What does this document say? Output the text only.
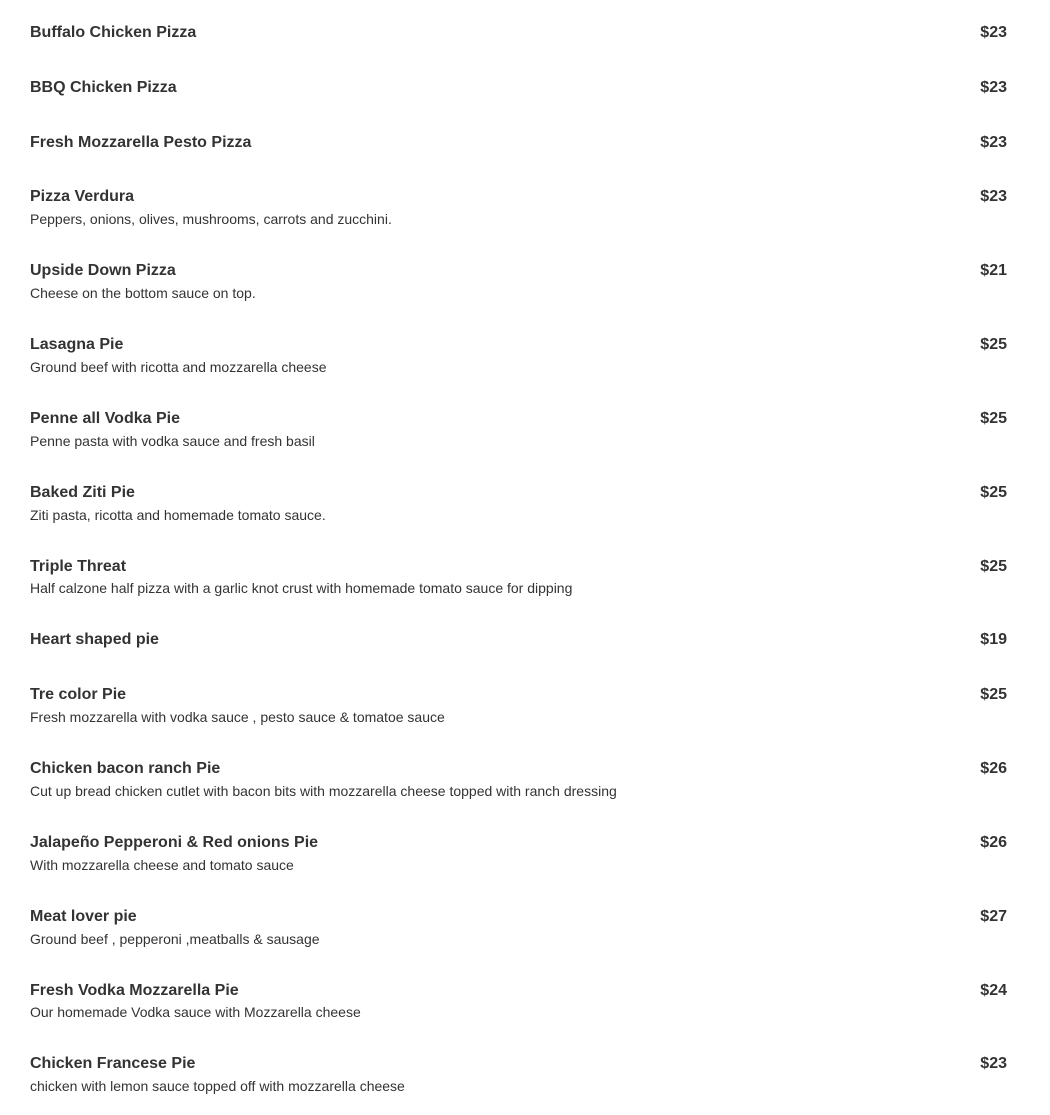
Buffalo Chicken Pizza	$23
BBQ Chicken Pizza	$23
Fresh Mozzarella Pesto Pizza	$23
Pizza Verdura	$23
Peppers, onions, olives, mushrooms, carrots and zucchini.
Upside Down Pizza	$21
Cheese on the bottom sauce on top.
Lasagna Pie	$25
Ground beef with ricotta and mozzarella cheese
Penne all Vodka Pie	$25
Penne pasta with vodka sauce and fresh basil
Baked Ziti Pie	$25
Ziti pasta, ricotta and homemade tomato sauce.
Triple Threat	$25
Half calzone half pizza with a garlic knot crust with homemade tomato sauce for dipping
Heart shaped pie	$19
Tre color Pie	$25
Fresh mozzarella with vodka sauce , pesto sauce & tomatoe sauce
Chicken bacon ranch Pie	$26
Cut up bread chicken cutlet with bacon bits with mozzarella cheese topped with ranch dressing
Jalapeño Pepperoni & Red onions Pie	$26
With mozzarella cheese and tomato sauce
Meat lover pie	$27
Ground beef , pepperoni ,meatballs & sausage
Fresh Vodka Mozzarella Pie	$24
Our homemade Vodka sauce with Mozzarella cheese
Chicken Francese Pie	$23
chicken with lemon sauce topped off with mozzarella cheese
